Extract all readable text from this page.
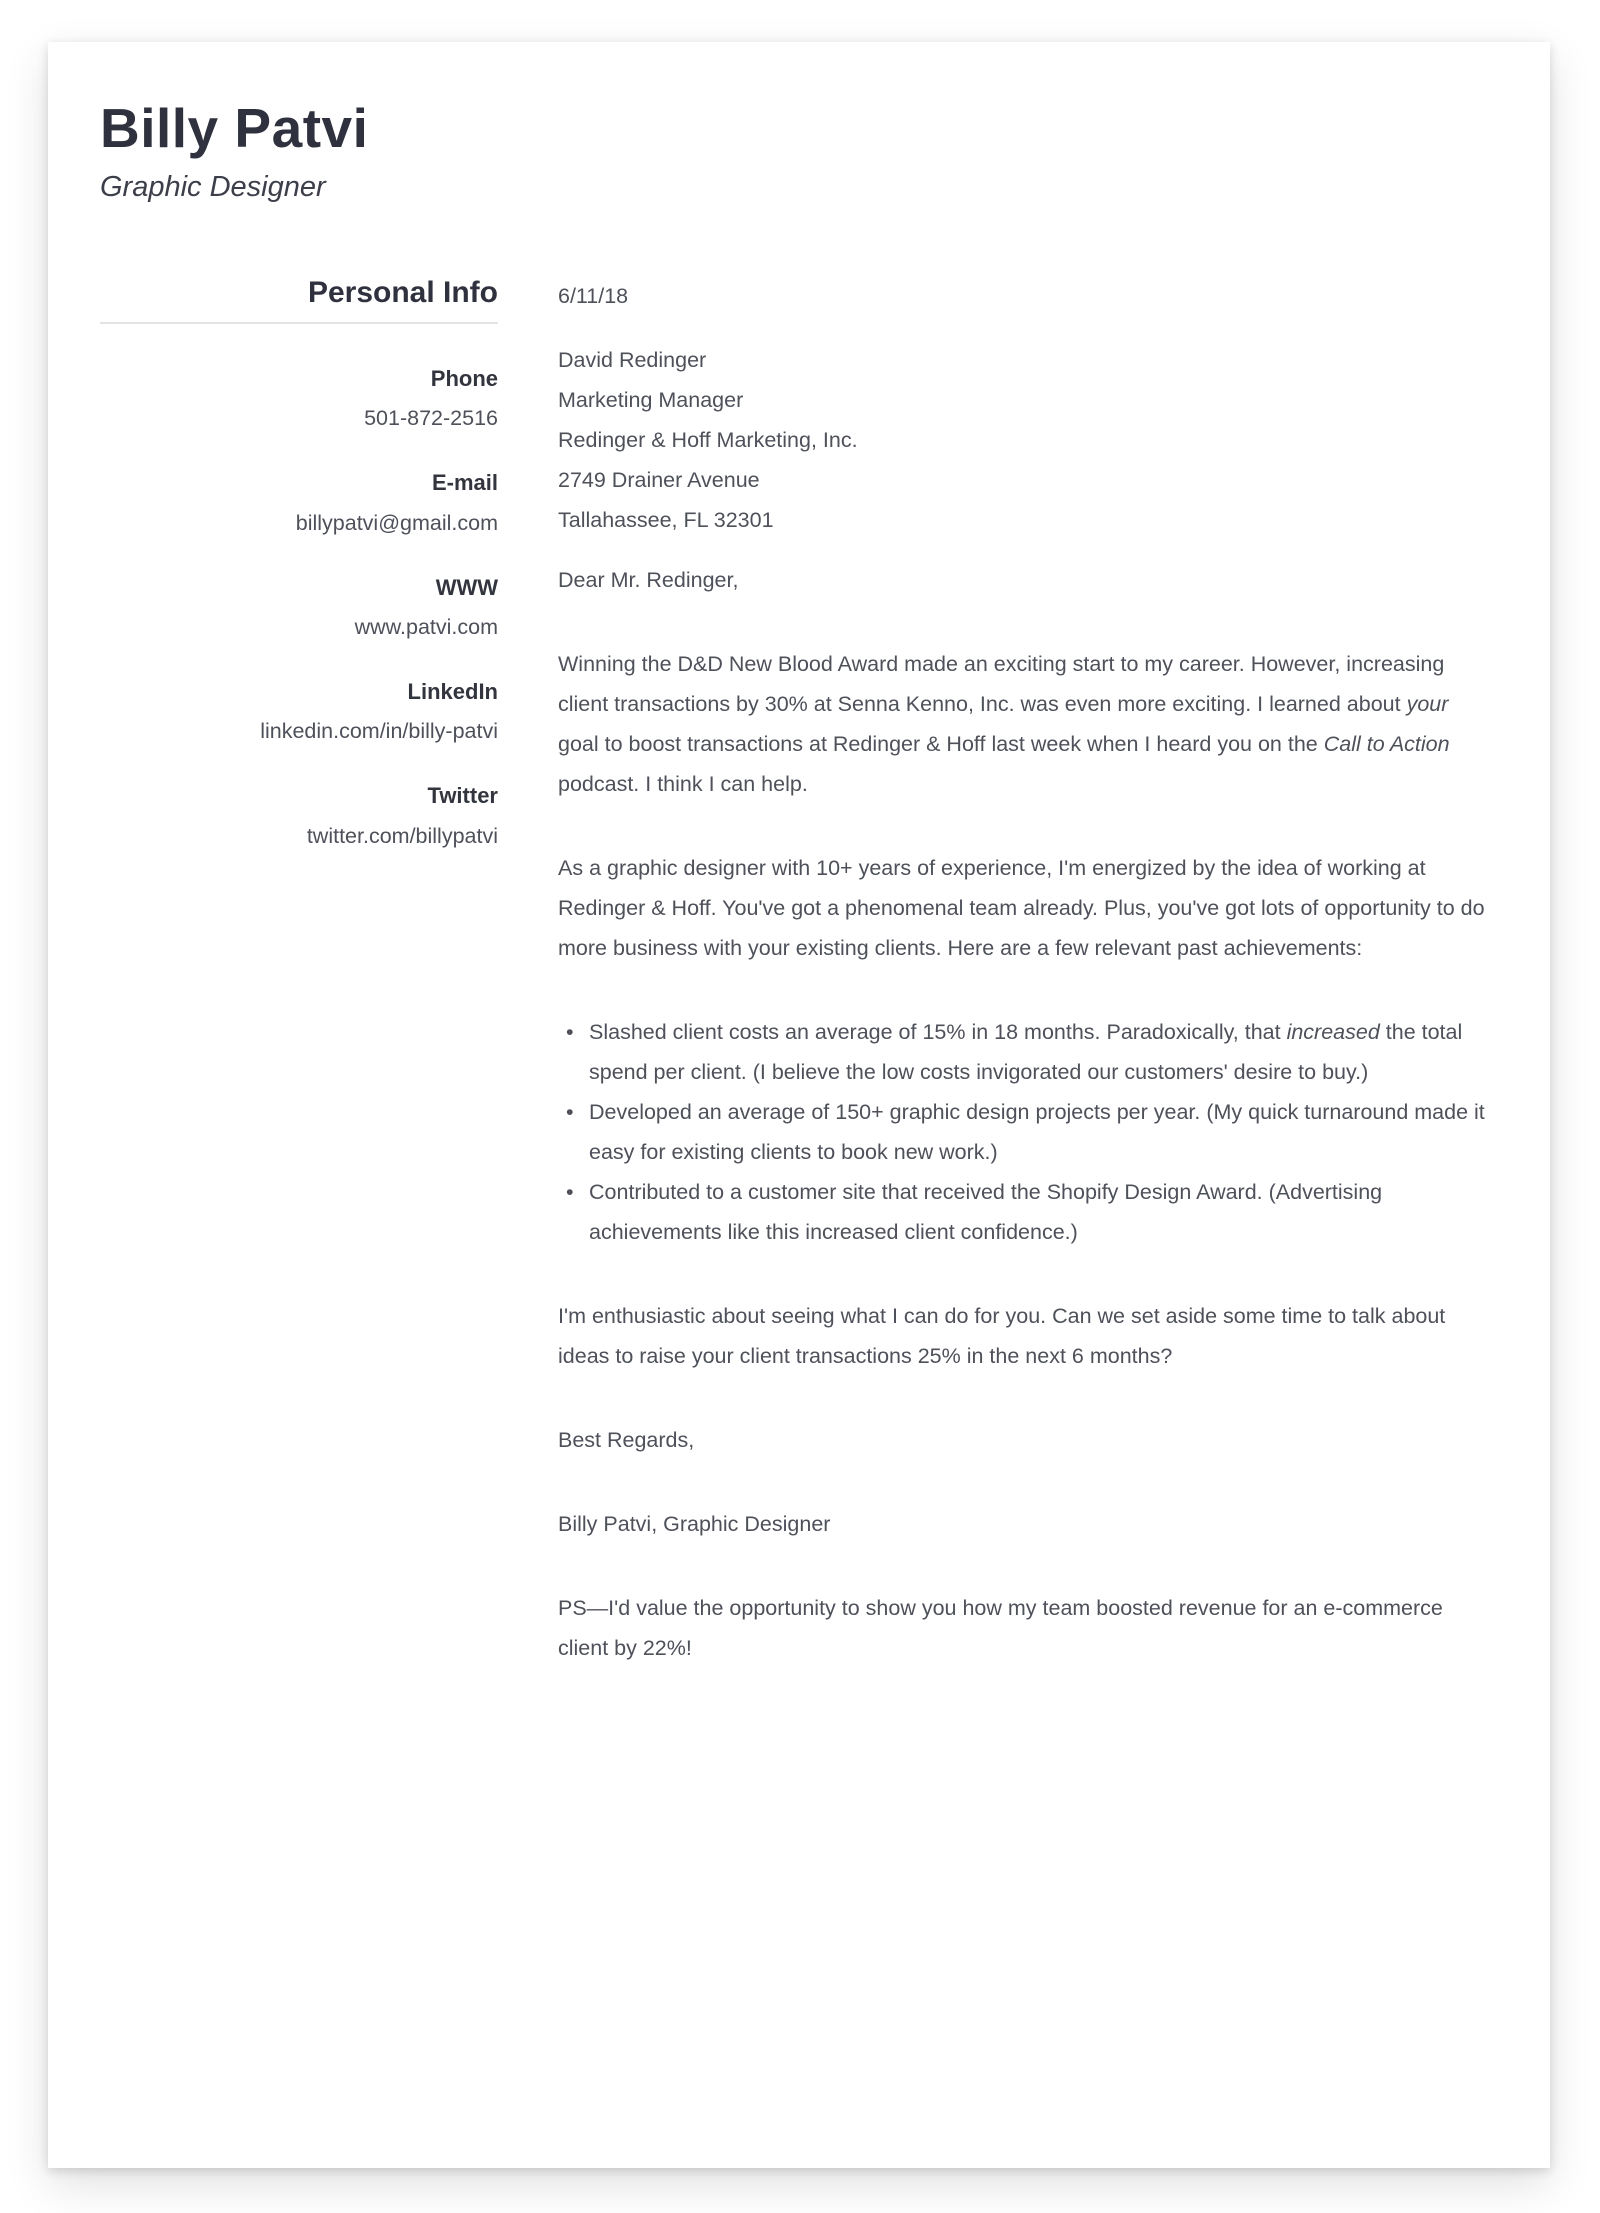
Billy Patvi

Graphic Designer

Personal Info
Phone
501-872-2516
E-mail
billypatvi@gmail.com
WWW
www.patvi.com
LinkedIn
linkedin.com/in/billy-patvi
Twitter
twitter.com/billypatvi

6/11/18

David Redinger

Marketing Manager

Redinger & Hoff Marketing, Inc.

2749 Drainer Avenue

Tallahassee, FL 32301

Dear Mr. Redinger,

Winning the D&D New Blood Award made an exciting start to my career. However, increasing client transactions by 30% at Senna Kenno, Inc. was even more exciting. I learned about your goal to boost transactions at Redinger & Hoff last week when I heard you on the Call to Action podcast. I think I can help.

As a graphic designer with 10+ years of experience, I'm energized by the idea of working at Redinger & Hoff. You've got a phenomenal team already. Plus, you've got lots of opportunity to do more business with your existing clients. Here are a few relevant past achievements:

• Slashed client costs an average of 15% in 18 months. Paradoxically, that increased the total spend per client. (I believe the low costs invigorated our customers' desire to buy.)
• Developed an average of 150+ graphic design projects per year. (My quick turnaround made it easy for existing clients to book new work.)
• Contributed to a customer site that received the Shopify Design Award. (Advertising achievements like this increased client confidence.)

I'm enthusiastic about seeing what I can do for you. Can we set aside some time to talk about ideas to raise your client transactions 25% in the next 6 months?

Best Regards,

Billy Patvi, Graphic Designer

PS—I'd value the opportunity to show you how my team boosted revenue for an e-commerce client by 22%!
